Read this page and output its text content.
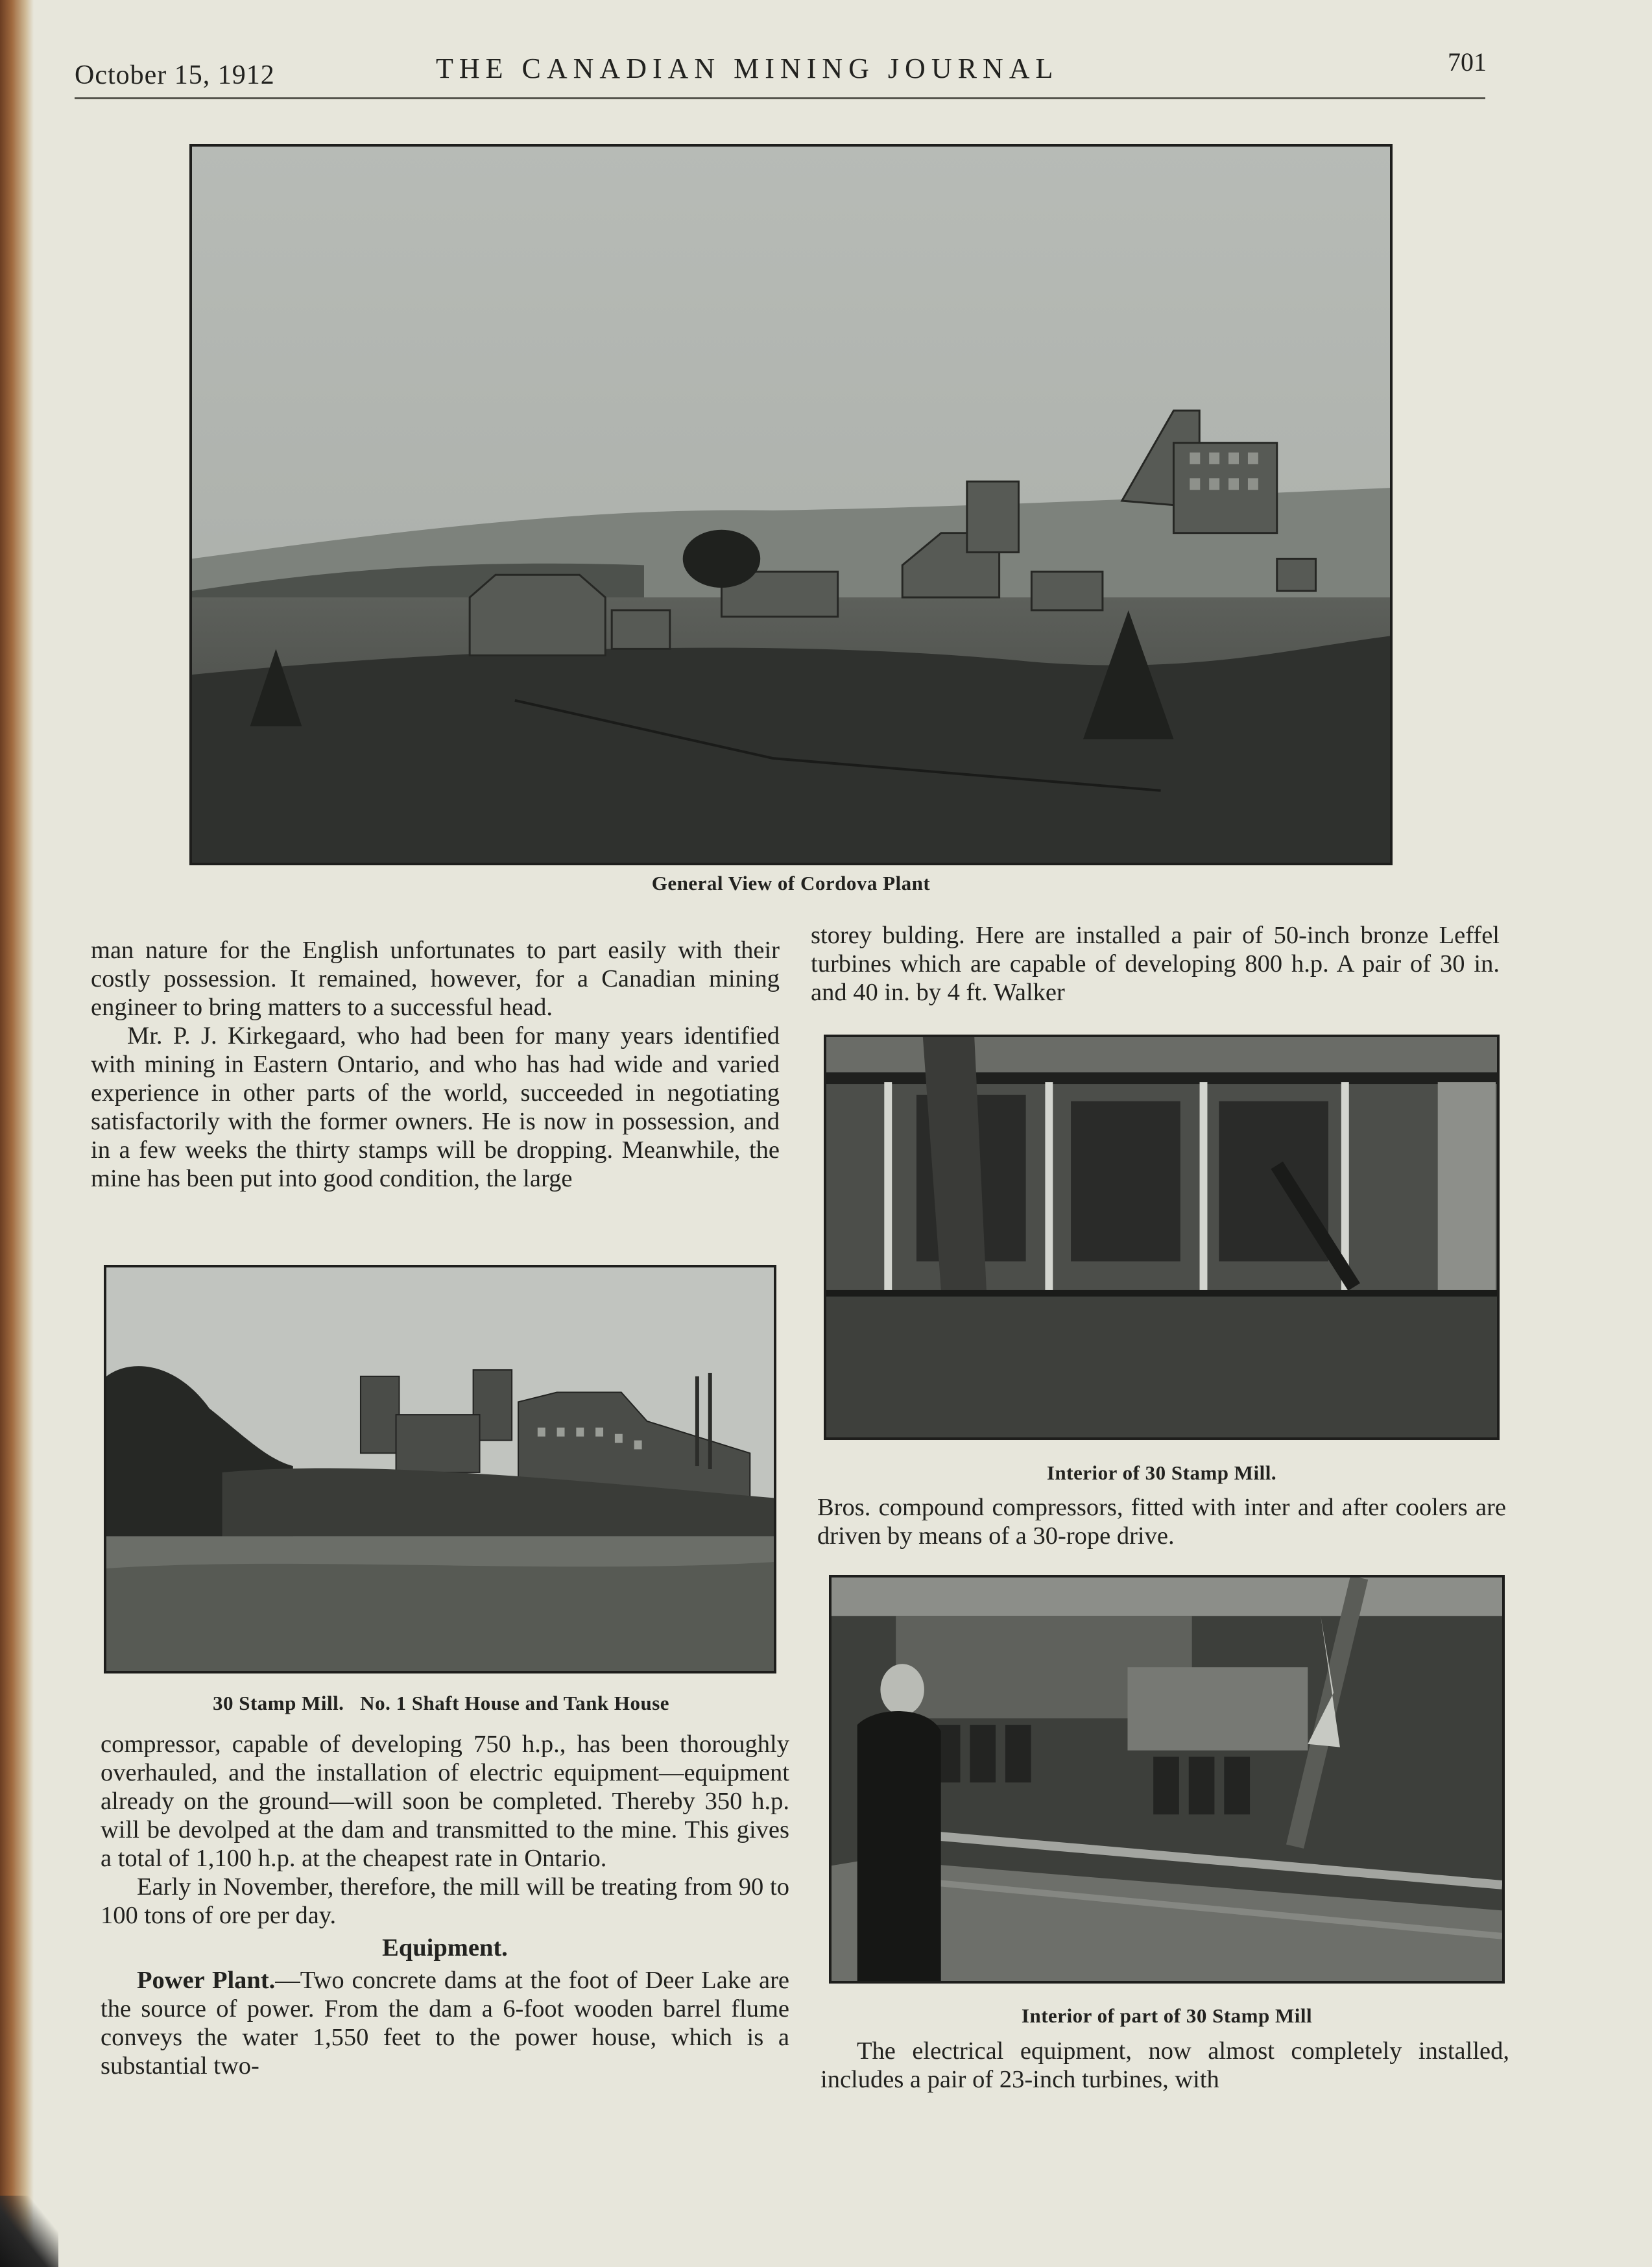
October 15, 1912	THE CANADIAN MINING JOURNAL	701
General View of Cordova Plant

man nature for the English unfortunates to part easily with their costly possession. It remained, however, for a Canadian mining engineer to bring matters to a successful head.

Mr. P. J. Kirkegaard, who had been for many years identified with mining in Eastern Ontario, and who has had wide and varied experience in other parts of the world, succeeded in negotiating satisfactorily with the former owners. He is now in possession, and in a few weeks the thirty stamps will be dropping. Meanwhile, the mine has been put into good condition, the large

30 Stamp Mill.   No. 1 Shaft House and Tank House

compressor, capable of developing 750 h.p., has been thoroughly overhauled, and the installation of electric equipment—equipment already on the ground—will soon be completed. Thereby 350 h.p. will be devolped at the dam and transmitted to the mine. This gives a total of 1,100 h.p. at the cheapest rate in Ontario.

Early in November, therefore, the mill will be treating from 90 to 100 tons of ore per day.

Equipment.

Power Plant.—Two concrete dams at the foot of Deer Lake are the source of power. From the dam a 6-foot wooden barrel flume conveys the water 1,550 feet to the power house, which is a substantial two-

storey bulding. Here are installed a pair of 50-inch bronze Leffel turbines which are capable of developing 800 h.p. A pair of 30 in. and 40 in. by 4 ft. Walker

Interior of 30 Stamp Mill.

Bros. compound compressors, fitted with inter and after coolers are driven by means of a 30-rope drive.

Interior of part of 30 Stamp Mill

The electrical equipment, now almost completely installed, includes a pair of 23-inch turbines, with
